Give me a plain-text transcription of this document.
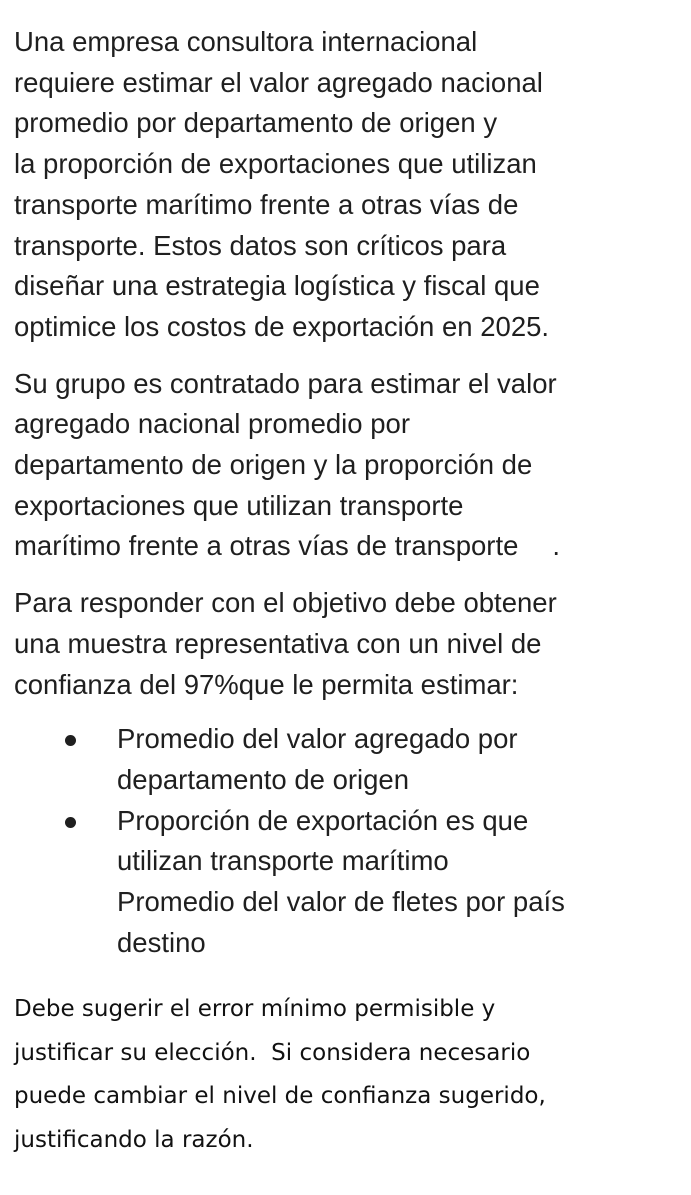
Una empresa consultora internacional
requiere estimar el valor agregado nacional
promedio por departamento de origen y
la proporción de exportaciones que utilizan
transporte marítimo frente a otras vías de
transporte. Estos datos son críticos para
diseñar una estrategia logística y fiscal que
optimice los costos de exportación en 2025.

Su grupo es contratado para estimar el valor
agregado nacional promedio por
departamento de origen y la proporción de
exportaciones que utilizan transporte
marítimo frente a otras vías de transporte .

Para responder con el objetivo debe obtener
una muestra representativa con un nivel de
confianza del 97%que le permita estimar:

Promedio del valor agregado por
departamento de origen
Proporción de exportación es que
utilizan transporte marítimo
Promedio del valor de fletes por país
destino

Debe sugerir el error mínimo permisible y
justificar su elección.  Si considera necesario
puede cambiar el nivel de confianza sugerido,
justificando la razón.
